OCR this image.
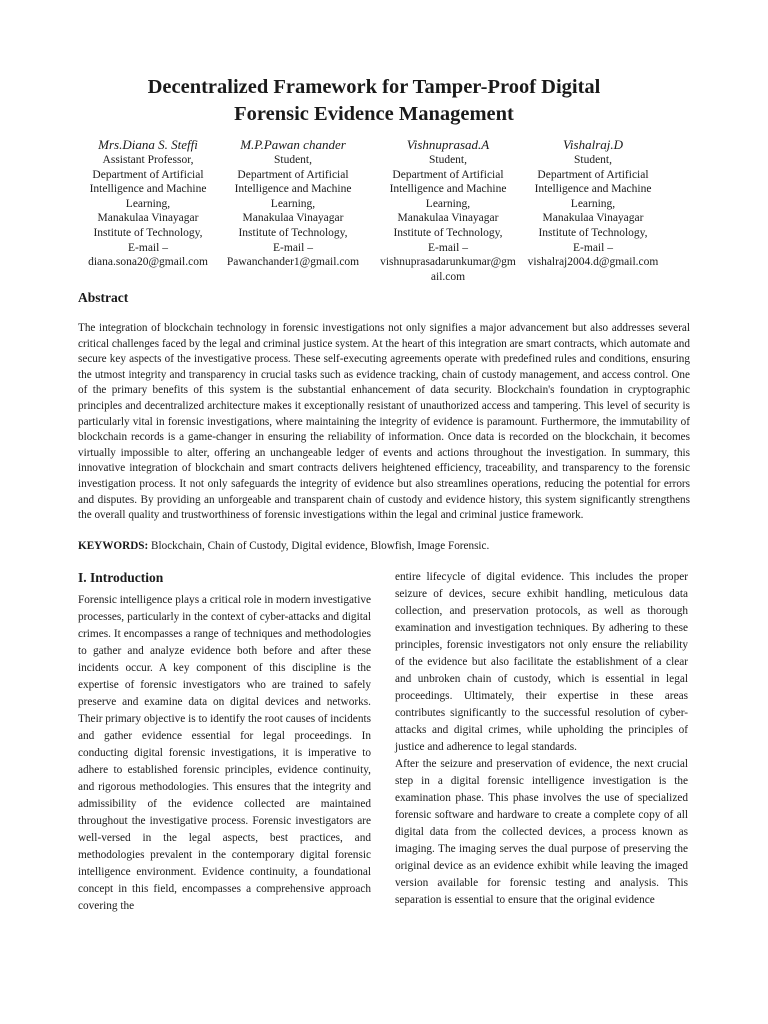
Decentralized Framework for Tamper-Proof Digital
Forensic Evidence Management
Mrs.Diana S. Steffi
Assistant Professor,
Department of Artificial
Intelligence and Machine
Learning,
Manakulaa Vinayagar
Institute of Technology,
E-mail –
diana.sona20@gmail.com
M.P.Pawan chander
Student,
Department of Artificial
Intelligence and Machine
Learning,
Manakulaa Vinayagar
Institute of Technology,
E-mail –
Pawanchander1@gmail.com
Vishnuprasad.A
Student,
Department of Artificial
Intelligence and Machine
Learning,
Manakulaa Vinayagar
Institute of Technology,
E-mail –
vishnuprasadarunkumar@gm
ail.com
Vishalraj.D
Student,
Department of Artificial
Intelligence and Machine
Learning,
Manakulaa Vinayagar
Institute of Technology,
E-mail –
vishalraj2004.d@gmail.com
Abstract

The integration of blockchain technology in forensic investigations not only signifies a major advancement but also addresses several critical challenges faced by the legal and criminal justice system. At the heart of this integration are smart contracts, which automate and secure key aspects of the investigative process. These self-executing agreements operate with predefined rules and conditions, ensuring the utmost integrity and transparency in crucial tasks such as evidence tracking, chain of custody management, and access control. One of the primary benefits of this system is the substantial enhancement of data security. Blockchain's foundation in cryptographic principles and decentralized architecture makes it exceptionally resistant of unauthorized access and tampering. This level of security is particularly vital in forensic investigations, where maintaining the integrity of evidence is paramount. Furthermore, the immutability of blockchain records is a game-changer in ensuring the reliability of information. Once data is recorded on the blockchain, it becomes virtually impossible to alter, offering an unchangeable ledger of events and actions throughout the investigation. In summary, this innovative integration of blockchain and smart contracts delivers heightened efficiency, traceability, and transparency to the forensic investigation process. It not only safeguards the integrity of evidence but also streamlines operations, reducing the potential for errors and disputes. By providing an unforgeable and transparent chain of custody and evidence history, this system significantly strengthens the overall quality and trustworthiness of forensic investigations within the legal and criminal justice framework.

KEYWORDS: Blockchain, Chain of Custody, Digital evidence, Blowfish, Image Forensic.
I. Introduction

Forensic intelligence plays a critical role in modern investigative processes, particularly in the context of cyber-attacks and digital crimes. It encompasses a range of techniques and methodologies to gather and analyze evidence both before and after these incidents occur. A key component of this discipline is the expertise of forensic investigators who are trained to safely preserve and examine data on digital devices and networks. Their primary objective is to identify the root causes of incidents and gather evidence essential for legal proceedings. In conducting digital forensic investigations, it is imperative to adhere to established forensic principles, evidence continuity, and rigorous methodologies. This ensures that the integrity and admissibility of the evidence collected are maintained throughout the investigative process. Forensic investigators are well-versed in the legal aspects, best practices, and methodologies prevalent in the contemporary digital forensic intelligence environment. Evidence continuity, a foundational concept in this field, encompasses a comprehensive approach covering the

entire lifecycle of digital evidence. This includes the proper seizure of devices, secure exhibit handling, meticulous data collection, and preservation protocols, as well as thorough examination and investigation techniques. By adhering to these principles, forensic investigators not only ensure the reliability of the evidence but also facilitate the establishment of a clear and unbroken chain of custody, which is essential in legal proceedings. Ultimately, their expertise in these areas contributes significantly to the successful resolution of cyber-attacks and digital crimes, while upholding the principles of justice and adherence to legal standards.

After the seizure and preservation of evidence, the next crucial step in a digital forensic intelligence investigation is the examination phase. This phase involves the use of specialized forensic software and hardware to create a complete copy of all digital data from the collected devices, a process known as imaging. The imaging serves the dual purpose of preserving the original device as an evidence exhibit while leaving the imaged version available for forensic testing and analysis. This separation is essential to ensure that the original evidence
